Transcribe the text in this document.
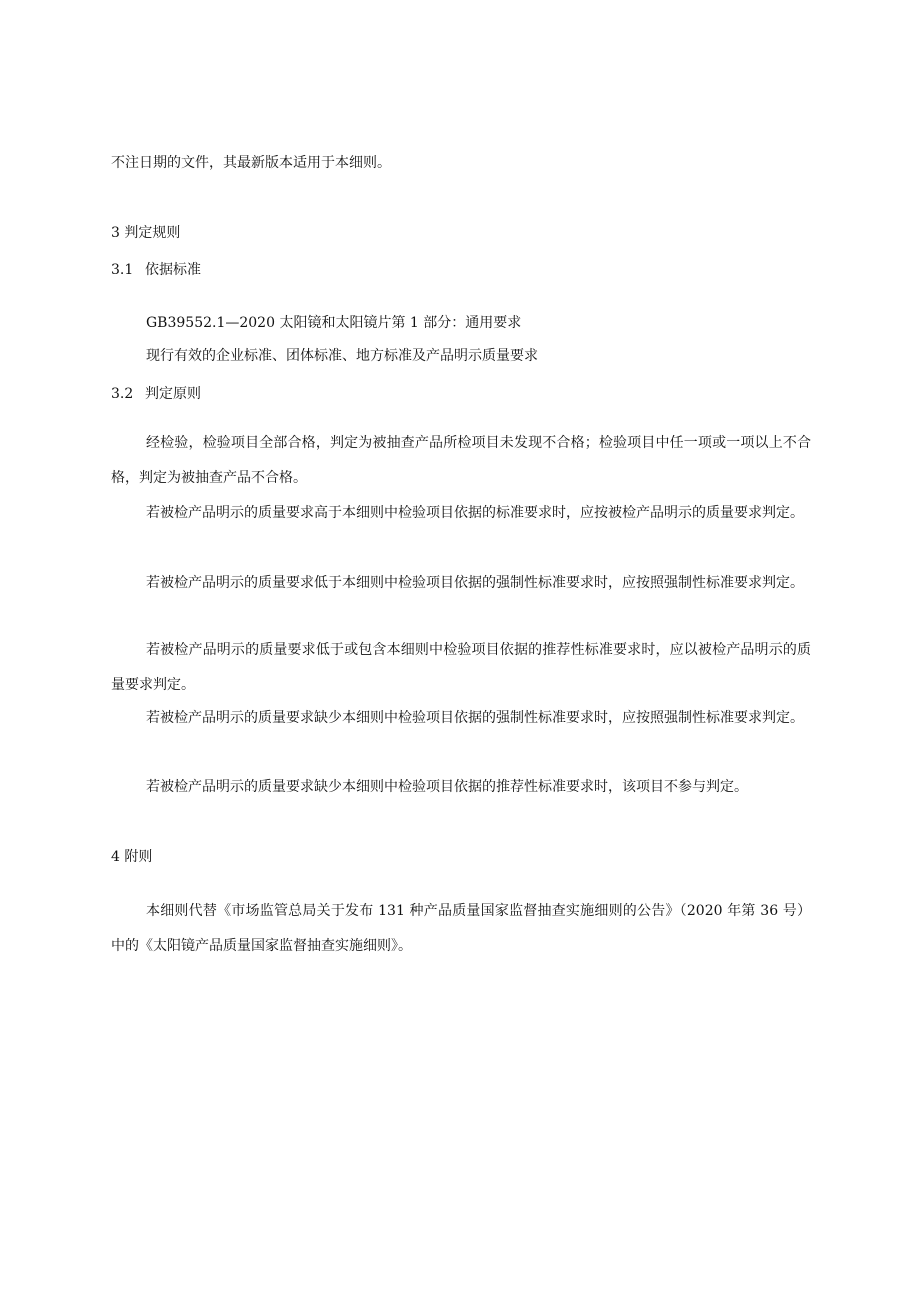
不注日期的文件，其最新版本适用于本细则。
3 判定规则
3.1 依据标准
GB39552.1—2020 太阳镜和太阳镜片第 1 部分：通用要求
现行有效的企业标准、团体标准、地方标准及产品明示质量要求
3.2 判定原则
经检验，检验项目全部合格，判定为被抽查产品所检项目未发现不合格；检验项目中任一项或一项以上不合格，判定为被抽查产品不合格。
若被检产品明示的质量要求高于本细则中检验项目依据的标准要求时，应按被检产品明示的质量要求判定。
若被检产品明示的质量要求低于本细则中检验项目依据的强制性标准要求时，应按照强制性标准要求判定。
若被检产品明示的质量要求低于或包含本细则中检验项目依据的推荐性标准要求时，应以被检产品明示的质量要求判定。
若被检产品明示的质量要求缺少本细则中检验项目依据的强制性标准要求时，应按照强制性标准要求判定。
若被检产品明示的质量要求缺少本细则中检验项目依据的推荐性标准要求时，该项目不参与判定。
4 附则
本细则代替《市场监管总局关于发布 131 种产品质量国家监督抽查实施细则的公告》（2020 年第 36 号）中的《太阳镜产品质量国家监督抽查实施细则》。
